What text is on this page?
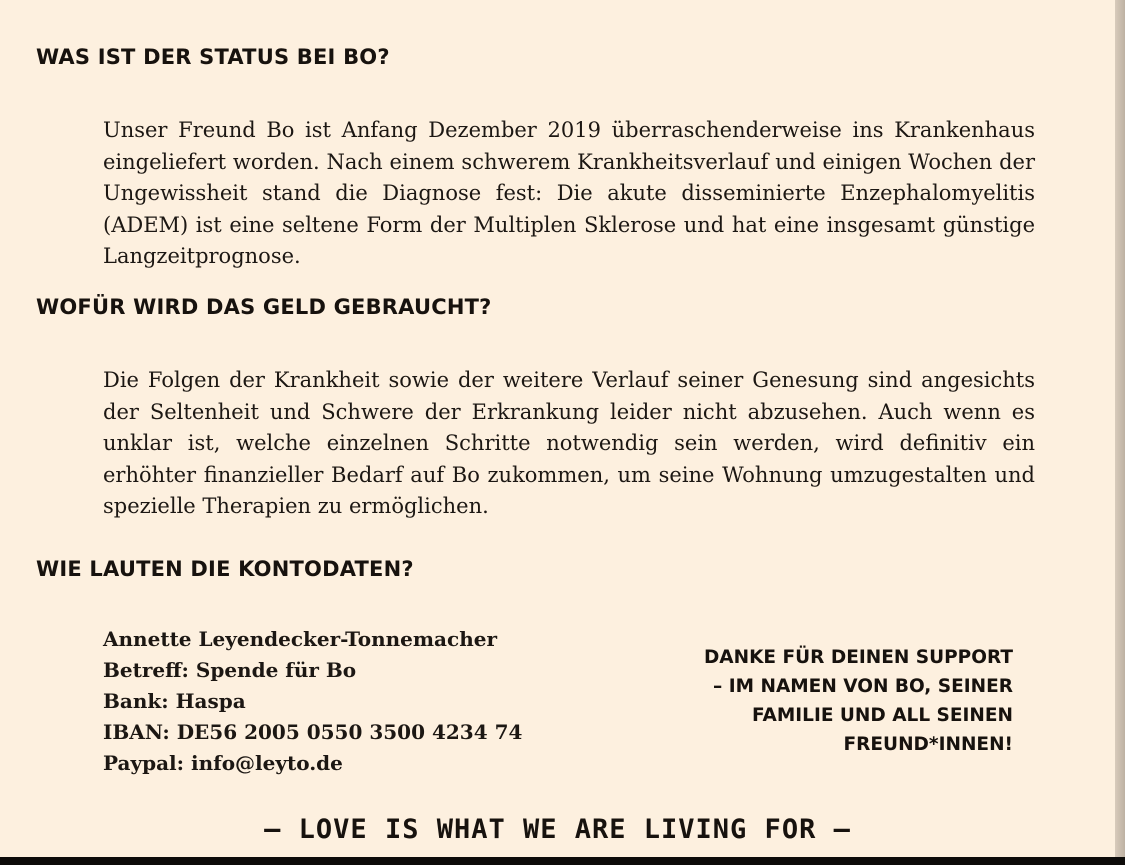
WAS IST DER STATUS BEI BO?

Unser Freund Bo ist Anfang Dezember 2019 überraschenderweise ins Krankenhaus eingeliefert worden. Nach einem schwerem Krankheitsverlauf und einigen Wochen der Ungewissheit stand die Diagnose fest: Die akute disseminierte Enzephalomyelitis (ADEM) ist eine seltene Form der Multiplen Sklerose und hat eine insgesamt günstige Langzeitprognose.

WOFÜR WIRD DAS GELD GEBRAUCHT?

Die Folgen der Krankheit sowie der weitere Verlauf seiner Genesung sind angesichts der Seltenheit und Schwere der Erkrankung leider nicht abzusehen. Auch wenn es unklar ist, welche einzelnen Schritte notwendig sein werden, wird definitiv ein erhöhter finanzieller Bedarf auf Bo zukommen, um seine Wohnung umzugestalten und spezielle Therapien zu ermöglichen.

WIE LAUTEN DIE KONTODATEN?
Annette Leyendecker-Tonnemacher
Betreff: Spende für Bo
Bank: Haspa
IBAN: DE56 2005 0550 3500 4234 74
Paypal: info@leyto.de
DANKE FÜR DEINEN SUPPORT
– IM NAMEN VON BO, SEINER
FAMILIE UND ALL SEINEN
FREUND*INNEN!
– LOVE IS WHAT WE ARE LIVING FOR –
